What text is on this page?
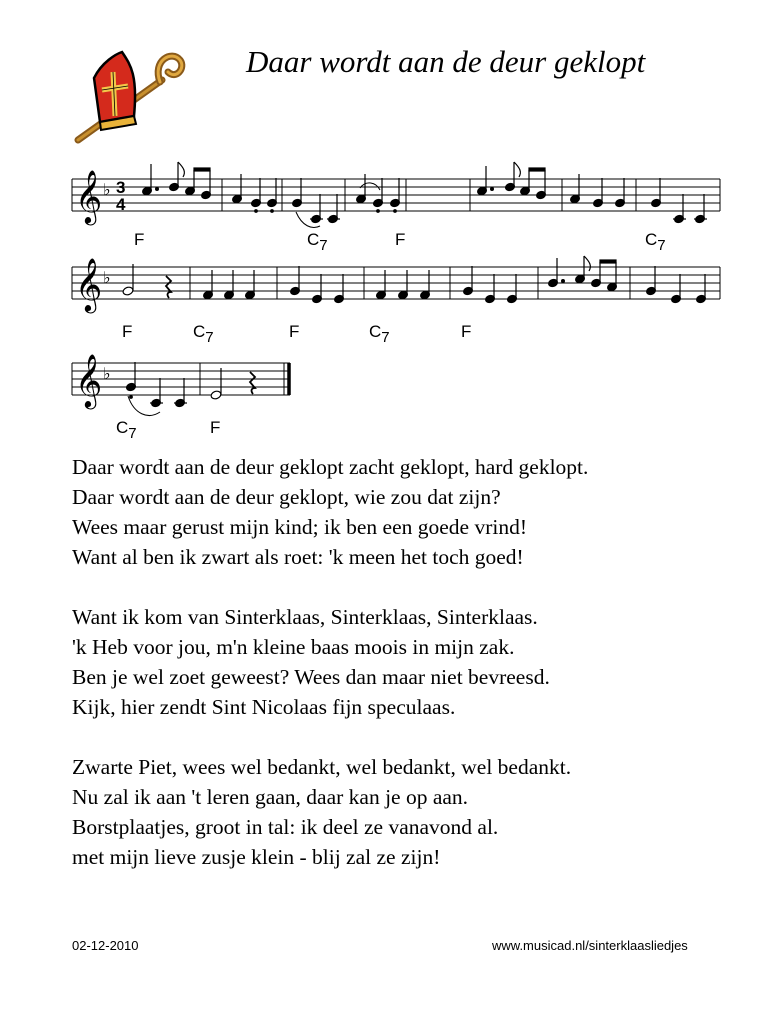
Daar wordt aan de deur geklopt
𝄞
𝄞
𝄞
♭
♭
♭
3
4
F	C7	F	C7
F	C7	F	C7	F
C7	F
Daar wordt aan de deur geklopt zacht geklopt, hard geklopt.
Daar wordt aan de deur geklopt, wie zou dat zijn?
Wees maar gerust mijn kind; ik ben een goede vrind!
Want al ben ik zwart als roet: 'k meen het toch goed!
Want ik kom van Sinterklaas, Sinterklaas, Sinterklaas.
'k Heb voor jou, m'n kleine baas moois in mijn zak.
Ben je wel zoet geweest? Wees dan maar niet bevreesd.
Kijk, hier zendt Sint Nicolaas fijn speculaas.
Zwarte Piet, wees wel bedankt, wel bedankt, wel bedankt.
Nu zal ik aan 't leren gaan, daar kan je op aan.
Borstplaatjes, groot in tal: ik deel ze vanavond al.
met mijn lieve zusje klein - blij zal ze zijn!
02-12-2010	www.musicad.nl/sinterklaasliedjes
